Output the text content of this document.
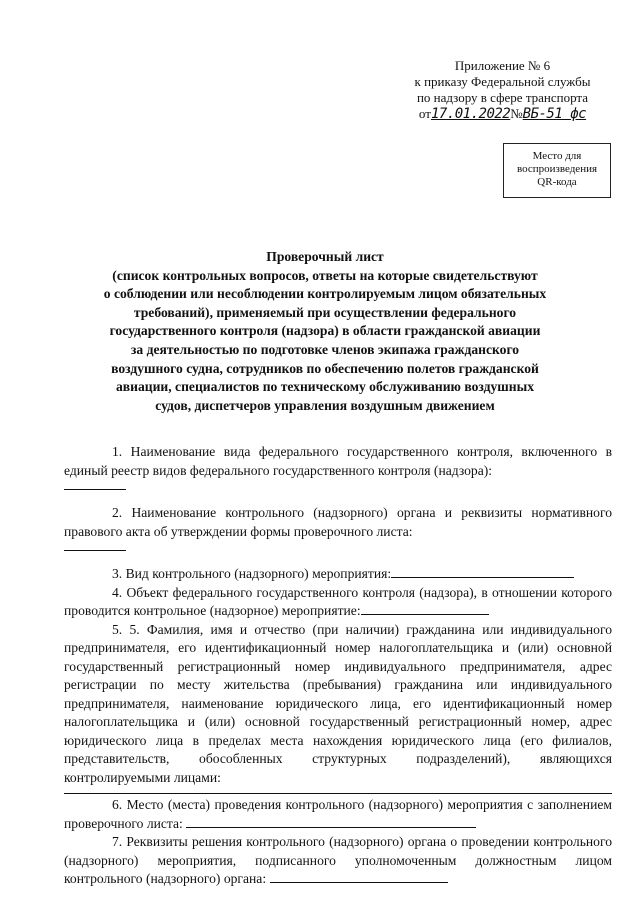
Приложение № 6
к приказу Федеральной службы
по надзору в сфере транспорта
от17.01.2022№ВБ-51 фс
Место для
воспроизведения
QR-кода
Проверочный лист
(список контрольных вопросов, ответы на которые свидетельствуют
о соблюдении или несоблюдении контролируемым лицом обязательных
требований), применяемый при осуществлении федерального
государственного контроля (надзора) в области гражданской авиации
за деятельностью по подготовке членов экипажа гражданского
воздушного судна, сотрудников по обеспечению полетов гражданской
авиации, специалистов по техническому обслуживанию воздушных
судов, диспетчеров управления воздушным движением
1. Наименование вида федерального государственного контроля, включенного в единый реестр видов федерального государственного контроля (надзора):
2. Наименование контрольного (надзорного) органа и реквизиты нормативного правового акта об утверждении формы проверочного листа:
3. Вид контрольного (надзорного) мероприятия:
4. Объект федерального государственного контроля (надзора), в отношении которого проводится контрольное (надзорное) мероприятие:
5. 5. Фамилия, имя и отчество (при наличии) гражданина или индивидуального предпринимателя, его идентификационный номер налогоплательщика и (или) основной государственный регистрационный номер индивидуального предпринимателя, адрес регистрации по месту жительства (пребывания) гражданина или индивидуального предпринимателя, наименование юридического лица, его идентификационный номер налогоплательщика и (или) основной государственный регистрационный номер, адрес юридического лица в пределах места нахождения юридического лица (его филиалов, представительств, обособленных структурных подразделений), являющихся контролируемыми лицами:
6. Место (места) проведения контрольного (надзорного) мероприятия с заполнением проверочного листа:
7. Реквизиты решения контрольного (надзорного) органа о проведении контрольного (надзорного) мероприятия, подписанного уполномоченным должностным лицом контрольного (надзорного) органа:
